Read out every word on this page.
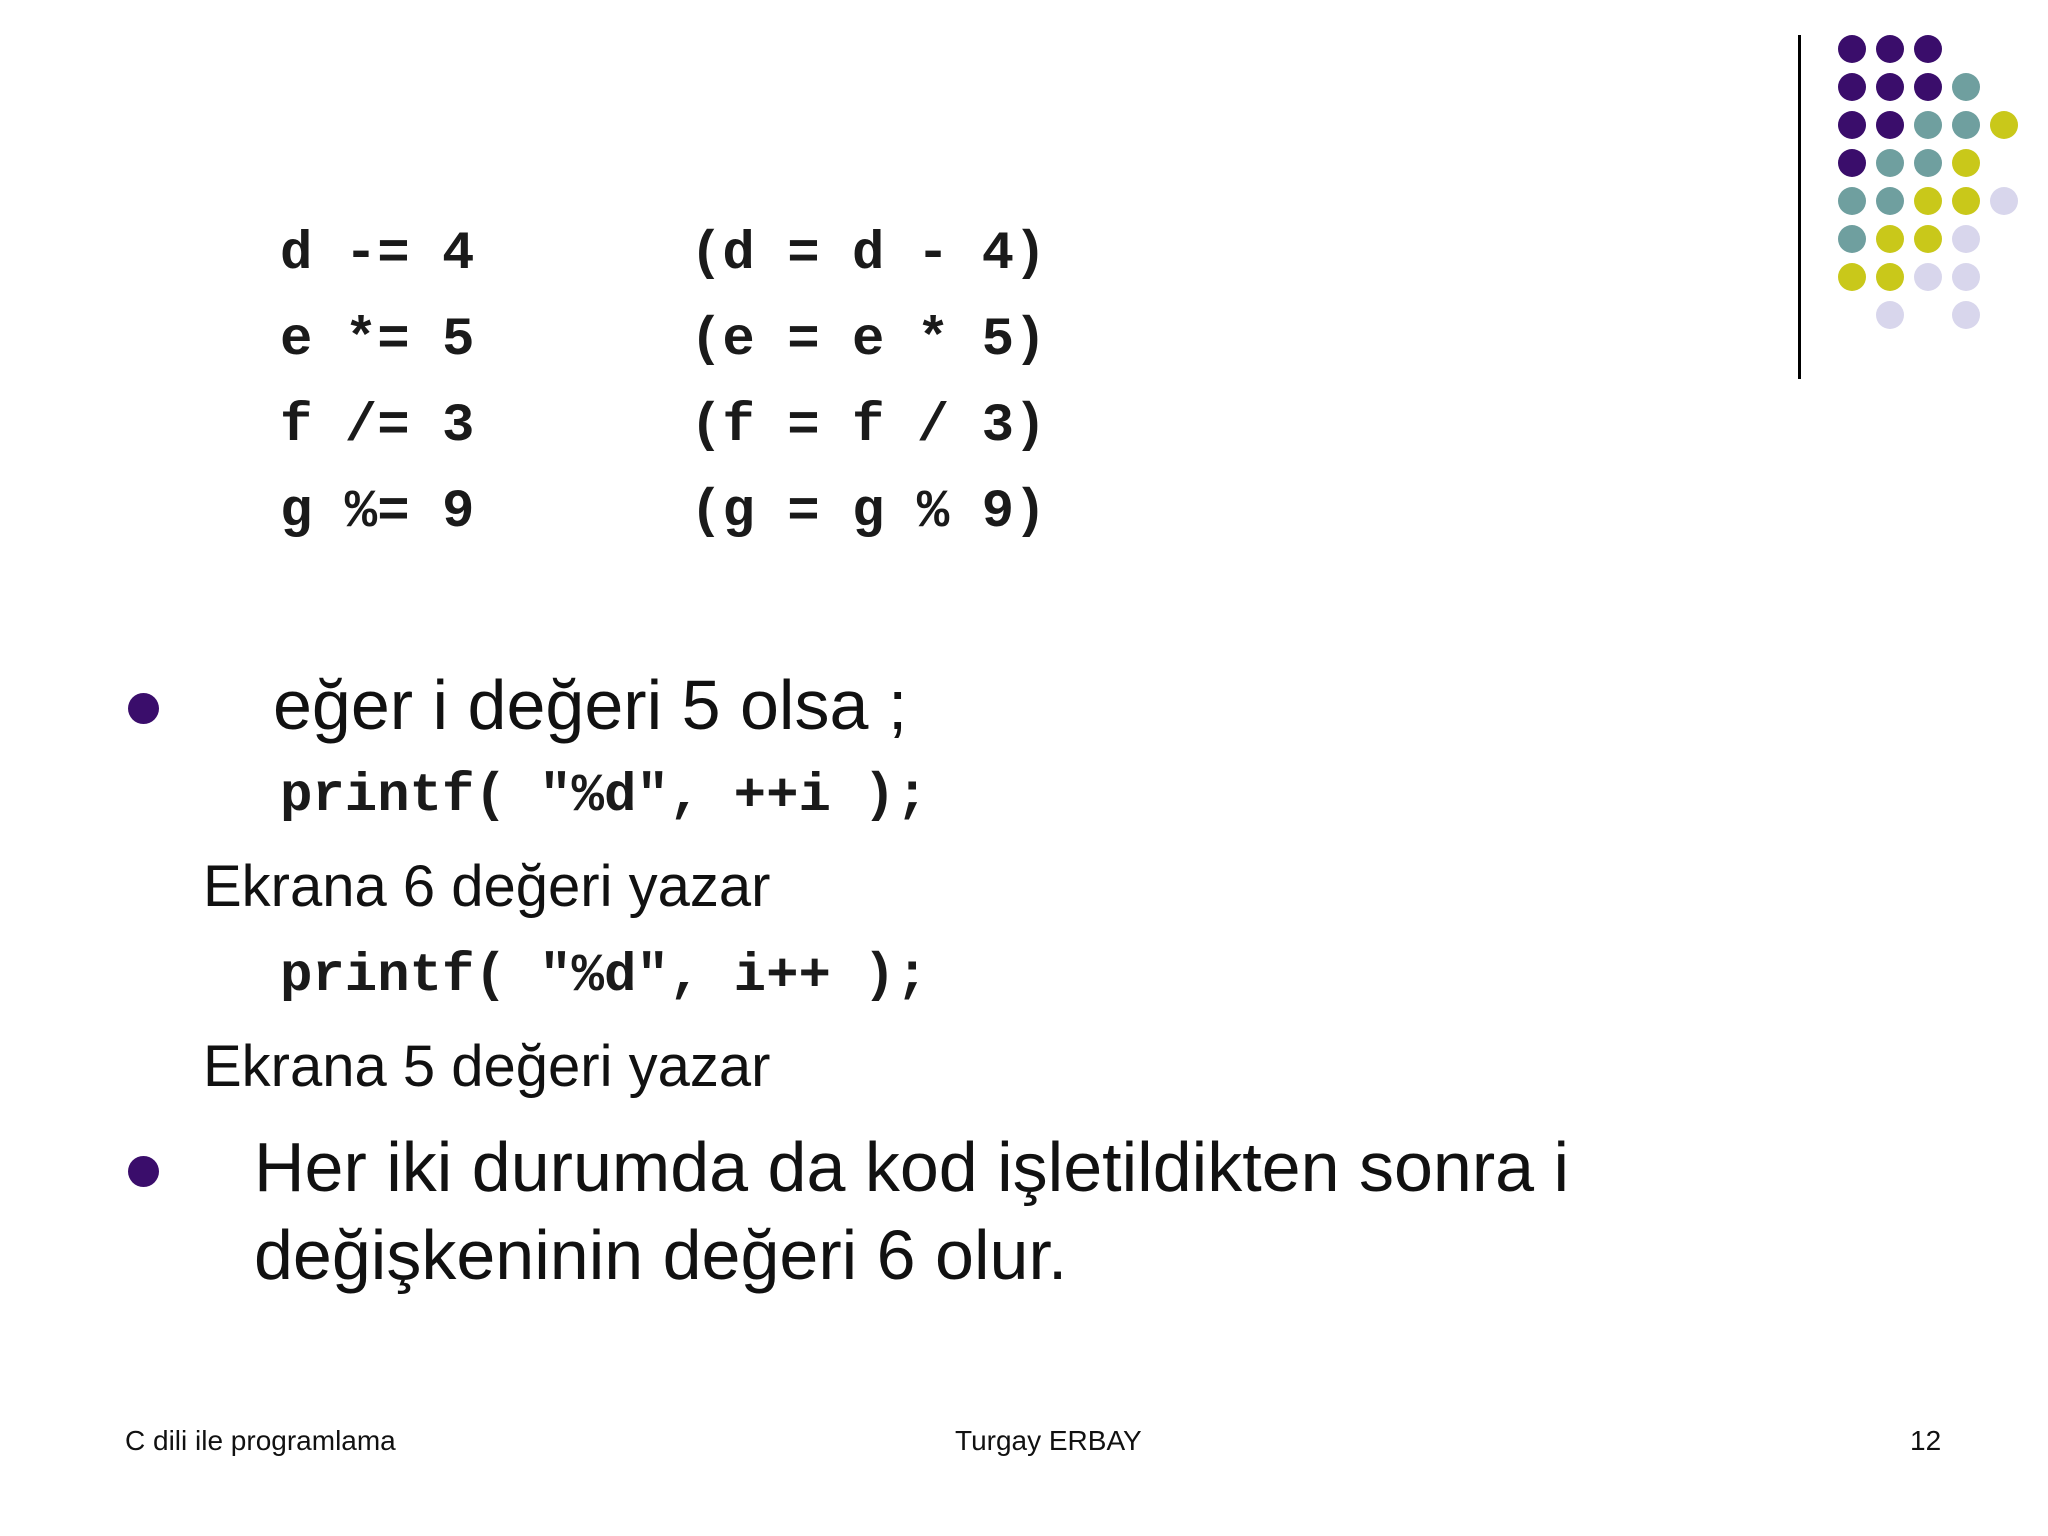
d -= 4	(d = d - 4)
e *= 5	(e = e * 5)
f /= 3	(f = f / 3)
g %= 9	(g = g % 9)
eğer i değeri 5 olsa ;
printf( "%d", ++i );
Ekrana 6 değeri yazar
printf( "%d", i++ );
Ekrana 5 değeri yazar
Her iki durumda da kod işletildikten sonra i
değişkeninin değeri 6 olur.
C dili ile programlama	Turgay ERBAY	12
